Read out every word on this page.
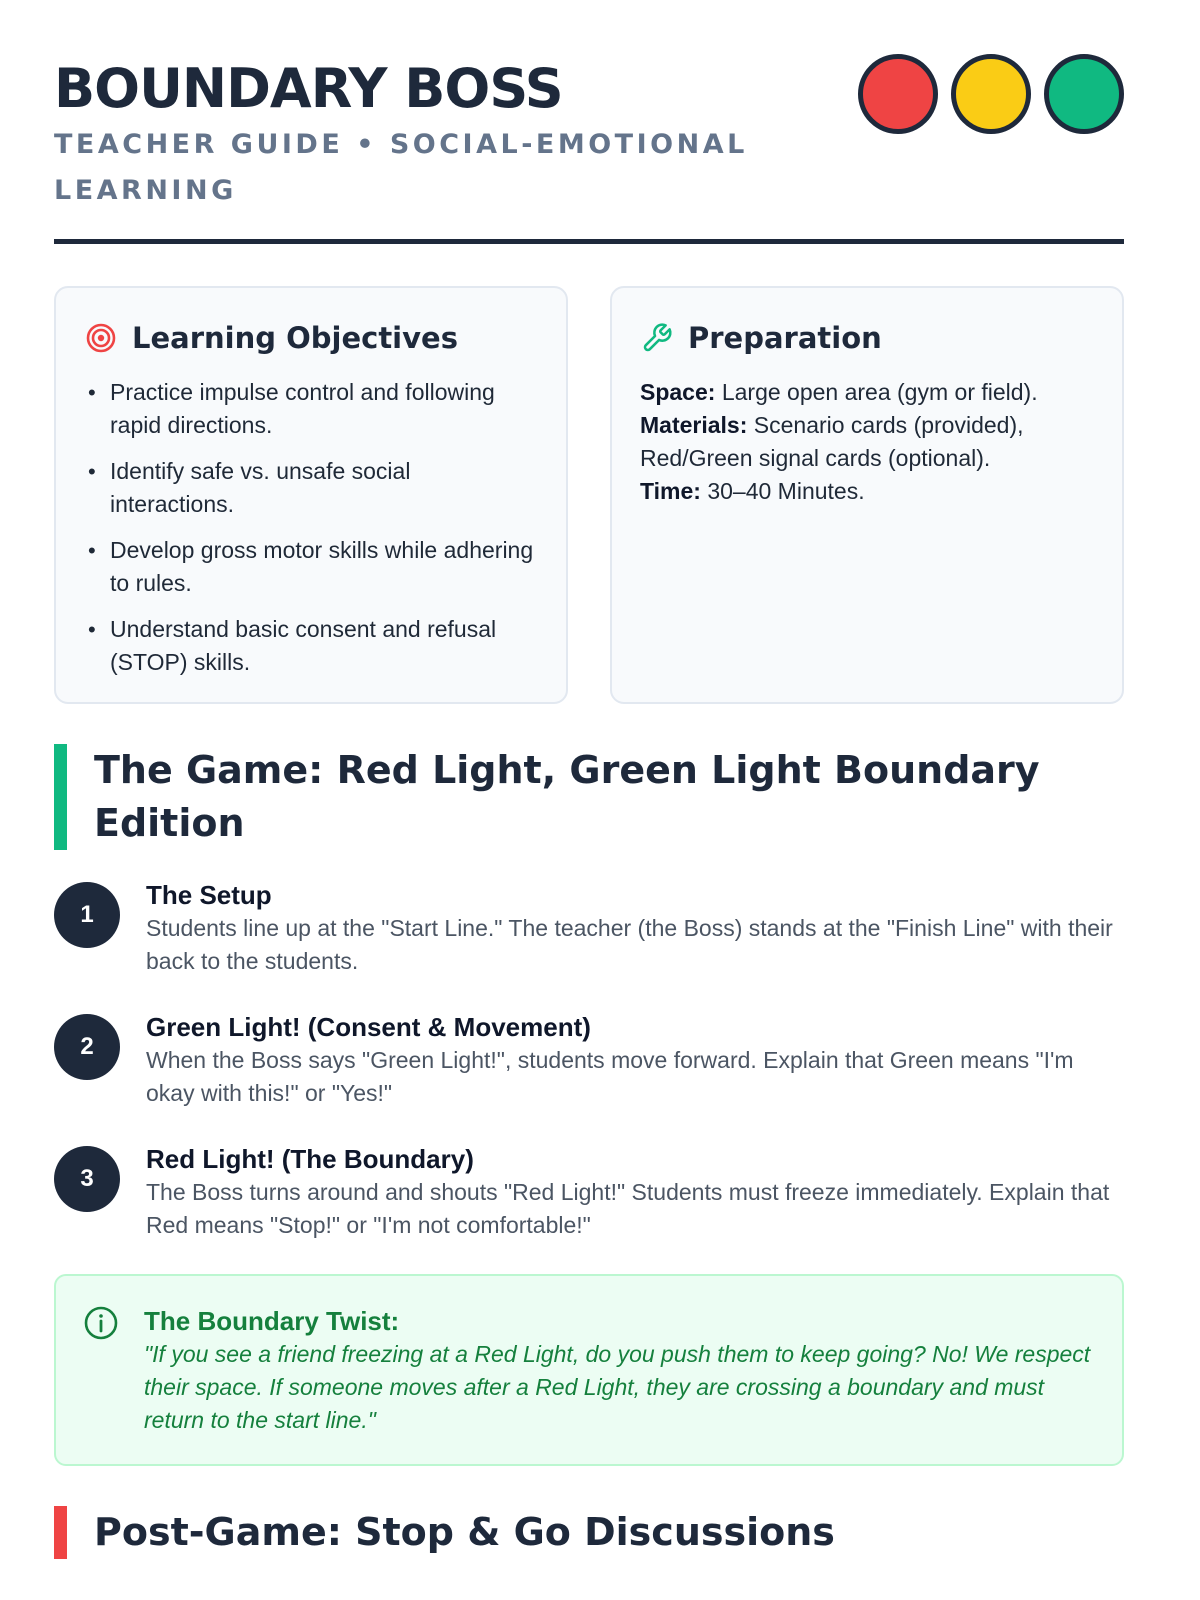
BOUNDARY BOSS
TEACHER GUIDE • SOCIAL-EMOTIONAL LEARNING
Learning Objectives
• Practice impulse control and following rapid directions.
• Identify safe vs. unsafe social interactions.
• Develop gross motor skills while adhering to rules.
• Understand basic consent and refusal (STOP) skills.
Preparation
Space: Large open area (gym or field).
Materials: Scenario cards (provided), Red/Green signal cards (optional).
Time: 30–40 Minutes.
The Game: Red Light, Green Light Boundary Edition
1
The Setup
Students line up at the "Start Line." The teacher (the Boss) stands at the "Finish Line" with their back to the students.
2
Green Light! (Consent & Movement)
When the Boss says "Green Light!", students move forward. Explain that Green means "I'm okay with this!" or "Yes!"
3
Red Light! (The Boundary)
The Boss turns around and shouts "Red Light!" Students must freeze immediately. Explain that Red means "Stop!" or "I'm not comfortable!"
The Boundary Twist:
"If you see a friend freezing at a Red Light, do you push them to keep going? No! We respect their space. If someone moves after a Red Light, they are crossing a boundary and must return to the start line."
Post-Game: Stop & Go Discussions
